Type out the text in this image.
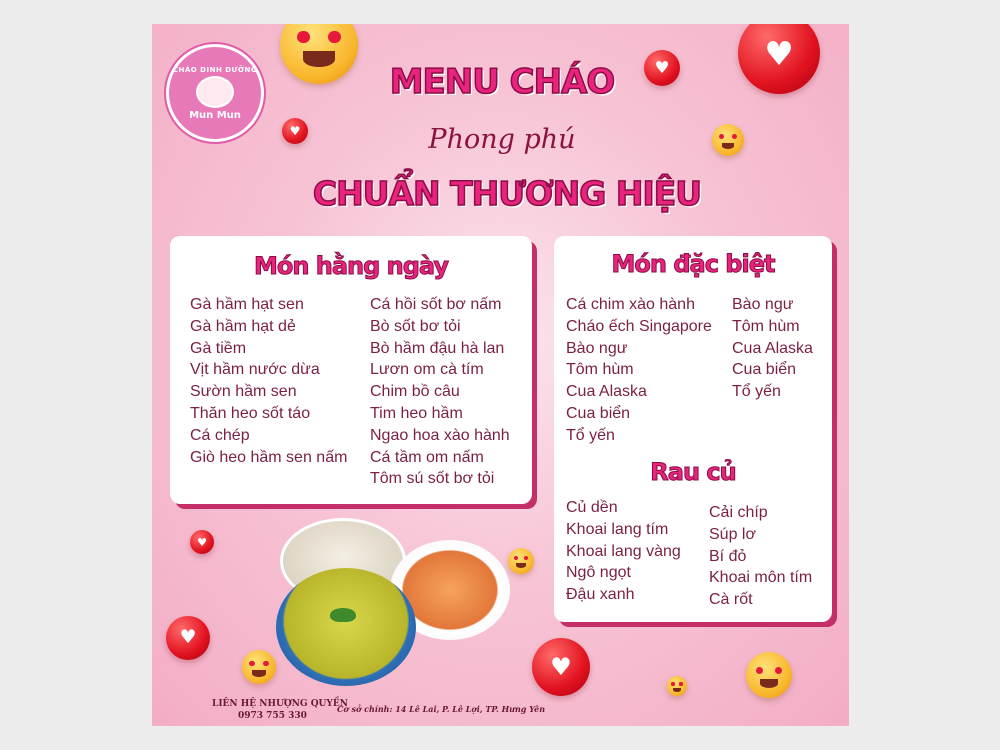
♥
♥
♥
♥
♥
♥
CHÁO DINH DƯỠNG
Mun Mun
MENU CHÁO
Phong phú
CHUẨN THƯƠNG HIỆU
Món hằng ngày
Gà hầm hạt sen
Gà hầm hạt dẻ
Gà tiềm
Vịt hầm nước dừa
Sườn hầm sen
Thăn heo sốt táo
Cá chép
Giò heo hầm sen nấm
Cá hồi sốt bơ nấm
Bò sốt bơ tỏi
Bò hầm đậu hà lan
Lươn om cà tím
Chim bồ câu
Tim heo hầm
Ngao hoa xào hành
Cá tầm om nấm
Tôm sú sốt bơ tỏi
Món đặc biệt
Cá chim xào hành
Cháo ếch Singapore
Bào ngư
Tôm hùm
Cua Alaska
Cua biển
Tổ yến
Bào ngư
Tôm hùm
Cua Alaska
Cua biển
Tổ yến
Rau củ
Củ dền
Khoai lang tím
Khoai lang vàng
Ngô ngọt
Đậu xanh
Cải chíp
Súp lơ
Bí đỏ
Khoai môn tím
Cà rốt
LIÊN HỆ NHƯỢNG QUYỀN
0973 755 330
Cơ sở chính: 14 Lê Lai, P. Lê Lợi, TP. Hưng Yên
